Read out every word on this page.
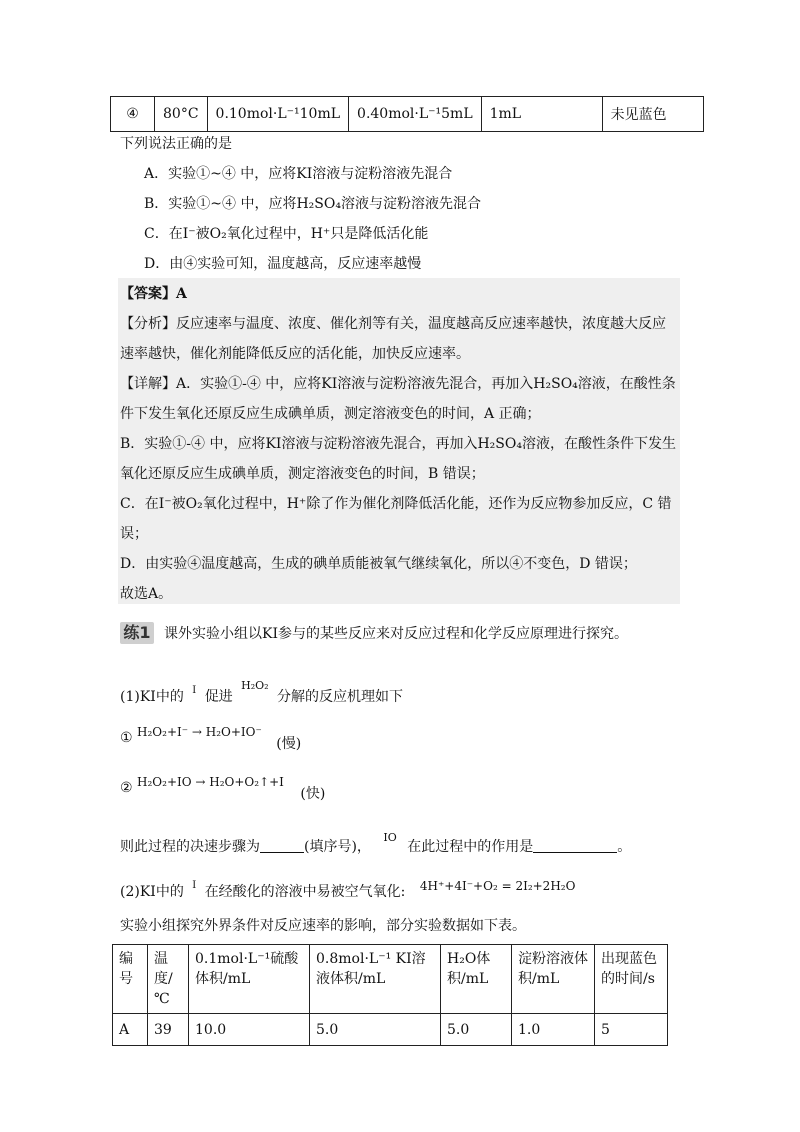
④	80°C	0.10mol·L⁻¹10mL	0.40mol·L⁻¹5mL	1mL	未见蓝色
下列说法正确的是
A．实验①~④ 中，应将KI溶液与淀粉溶液先混合
B．实验①~④ 中，应将H₂SO₄溶液与淀粉溶液先混合
C．在I⁻被O₂氧化过程中，H⁺只是降低活化能
D．由④实验可知，温度越高，反应速率越慢
【答案】A
【分析】反应速率与温度、浓度、催化剂等有关，温度越高反应速率越快，浓度越大反应
速率越快，催化剂能降低反应的活化能，加快反应速率。
【详解】A．实验①-④ 中，应将KI溶液与淀粉溶液先混合，再加入H₂SO₄溶液，在酸性条
件下发生氧化还原反应生成碘单质，测定溶液变色的时间，A 正确；
B．实验①-④ 中，应将KI溶液与淀粉溶液先混合，再加入H₂SO₄溶液，在酸性条件下发生
氧化还原反应生成碘单质，测定溶液变色的时间，B 错误；
C．在I⁻被O₂氧化过程中，H⁺除了作为催化剂降低活化能，还作为反应物参加反应，C 错
误；
D．由实验④温度越高，生成的碘单质能被氧气继续氧化，所以④不变色，D 错误；
故选A。
练1 课外实验小组以KI参与的某些反应来对反应过程和化学反应原理进行探究。
(1)KI中的 $^I$ 促进 $^{H_2O_2}$ 分解的反应机理如下
① H₂O₂+I⁻ → H₂O+IO⁻ (慢)
② H₂O₂+IO → H₂O+O₂↑+I (快)
则此过程的决速步骤为	(填序号)， $^{IO}$ 在此过程中的作用是	。
(2)KI中的 $^I$ 在经酸化的溶液中易被空气氧化: 4H⁺+4I⁻+O₂ = 2I₂+2H₂O
实验小组探究外界条件对反应速率的影响，部分实验数据如下表。
编号	温度/℃	0.1mol·L⁻¹硫酸体积/mL	0.8mol·L⁻¹ KI溶液体积/mL	H₂O体积/mL	淀粉溶液体积/mL	出现蓝色的时间/s
A	39	10.0	5.0	5.0	1.0	5
